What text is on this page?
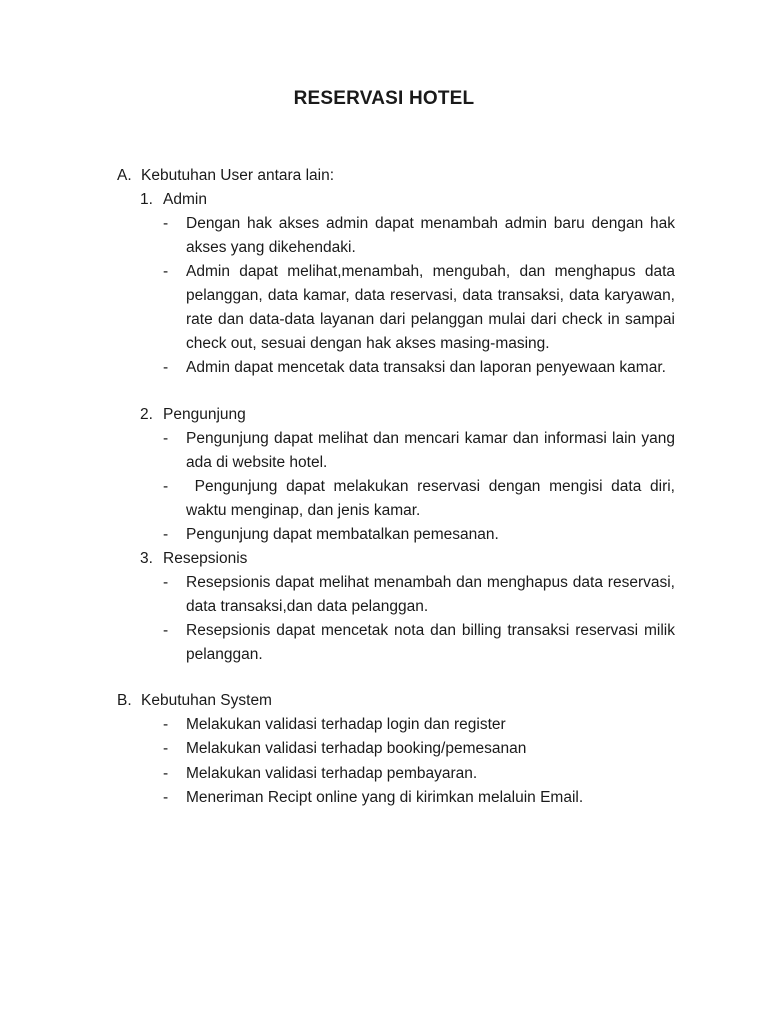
RESERVASI HOTEL
A. Kebutuhan User antara lain:
1. Admin
- Dengan hak akses admin dapat menambah admin baru dengan hak akses yang dikehendaki.
- Admin dapat melihat,menambah, mengubah, dan menghapus data pelanggan, data kamar, data reservasi, data transaksi, data karyawan, rate dan data-data layanan dari pelanggan mulai dari check in sampai check out, sesuai dengan hak akses masing-masing.
- Admin dapat mencetak data transaksi dan laporan penyewaan kamar.
2. Pengunjung
- Pengunjung dapat melihat dan mencari kamar dan informasi lain yang ada di website hotel.
- Pengunjung dapat melakukan reservasi dengan mengisi data diri, waktu menginap, dan jenis kamar.
- Pengunjung dapat membatalkan pemesanan.
3. Resepsionis
- Resepsionis dapat melihat menambah dan menghapus data reservasi, data transaksi,dan data pelanggan.
- Resepsionis dapat mencetak nota dan billing transaksi reservasi milik pelanggan.
B. Kebutuhan System
- Melakukan validasi terhadap login dan register
- Melakukan validasi terhadap booking/pemesanan
- Melakukan validasi terhadap pembayaran.
- Meneriman Recipt online yang di kirimkan melaluin Email.
